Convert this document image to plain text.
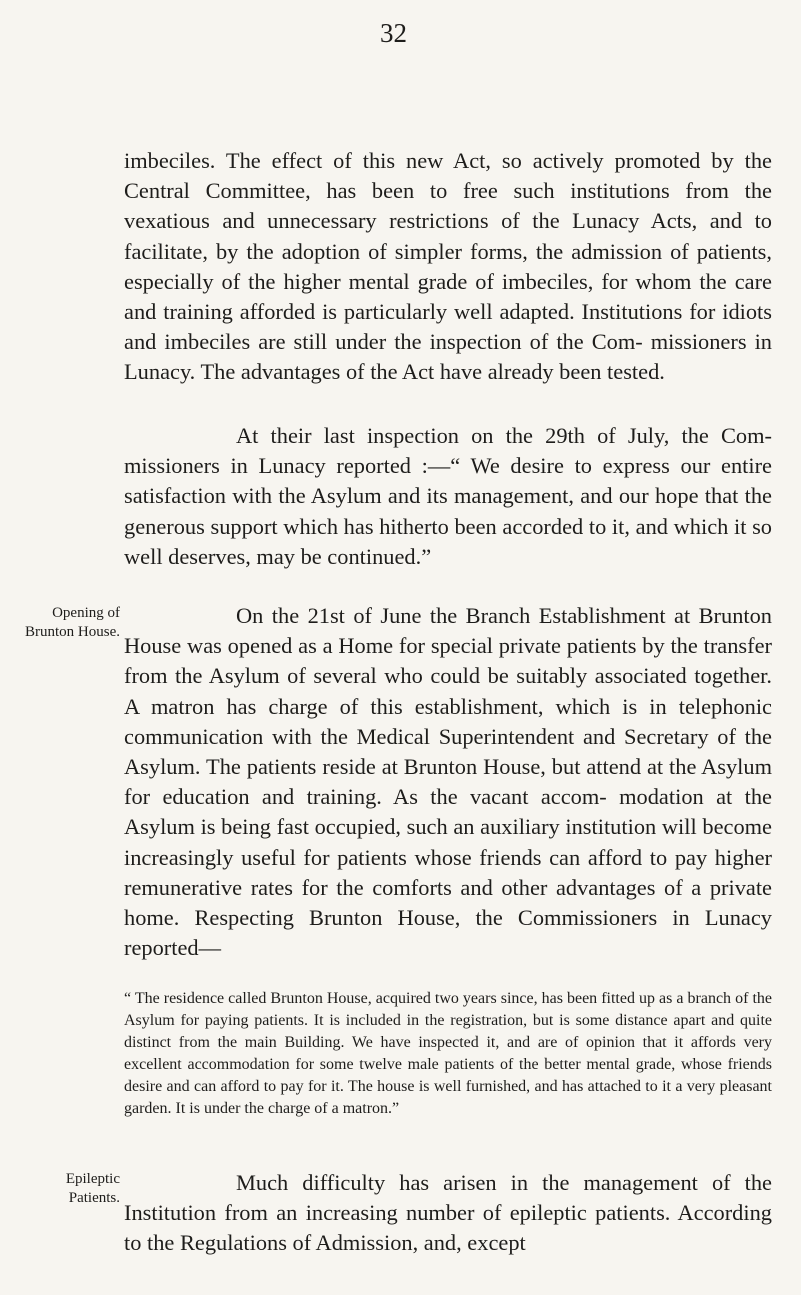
32
Opening of
Brunton House.
Epileptic
Patients.

imbeciles. The effect of this new Act, so actively promoted by the Central Committee, has been to free such institutions from the vexatious and unnecessary restrictions of the Lunacy Acts, and to facilitate, by the adoption of simpler forms, the admission of patients, especially of the higher mental grade of imbeciles, for whom the care and training afforded is particularly well adapted. Institutions for idiots and imbeciles are still under the inspection of the Com- missioners in Lunacy. The advantages of the Act have already been tested.

At their last inspection on the 29th of July, the Com- missioners in Lunacy reported :—“ We desire to express our entire satisfaction with the Asylum and its management, and our hope that the generous support which has hitherto been accorded to it, and which it so well deserves, may be continued.”

On the 21st of June the Branch Establishment at Brunton House was opened as a Home for special private patients by the transfer from the Asylum of several who could be suitably associated together. A matron has charge of this establishment, which is in telephonic communication with the Medical Superintendent and Secretary of the Asylum. The patients reside at Brunton House, but attend at the Asylum for education and training. As the vacant accom- modation at the Asylum is being fast occupied, such an auxiliary institution will become increasingly useful for patients whose friends can afford to pay higher remunerative rates for the comforts and other advantages of a private home. Respecting Brunton House, the Commissioners in Lunacy reported—

“ The residence called Brunton House, acquired two years since, has been fitted up as a branch of the Asylum for paying patients. It is included in the registration, but is some distance apart and quite distinct from the main Building. We have inspected it, and are of opinion that it affords very excellent accommodation for some twelve male patients of the better mental grade, whose friends desire and can afford to pay for it. The house is well furnished, and has attached to it a very pleasant garden. It is under the charge of a matron.”

Much difficulty has arisen in the management of the Institution from an increasing number of epileptic patients. According to the Regulations of Admission, and, except
